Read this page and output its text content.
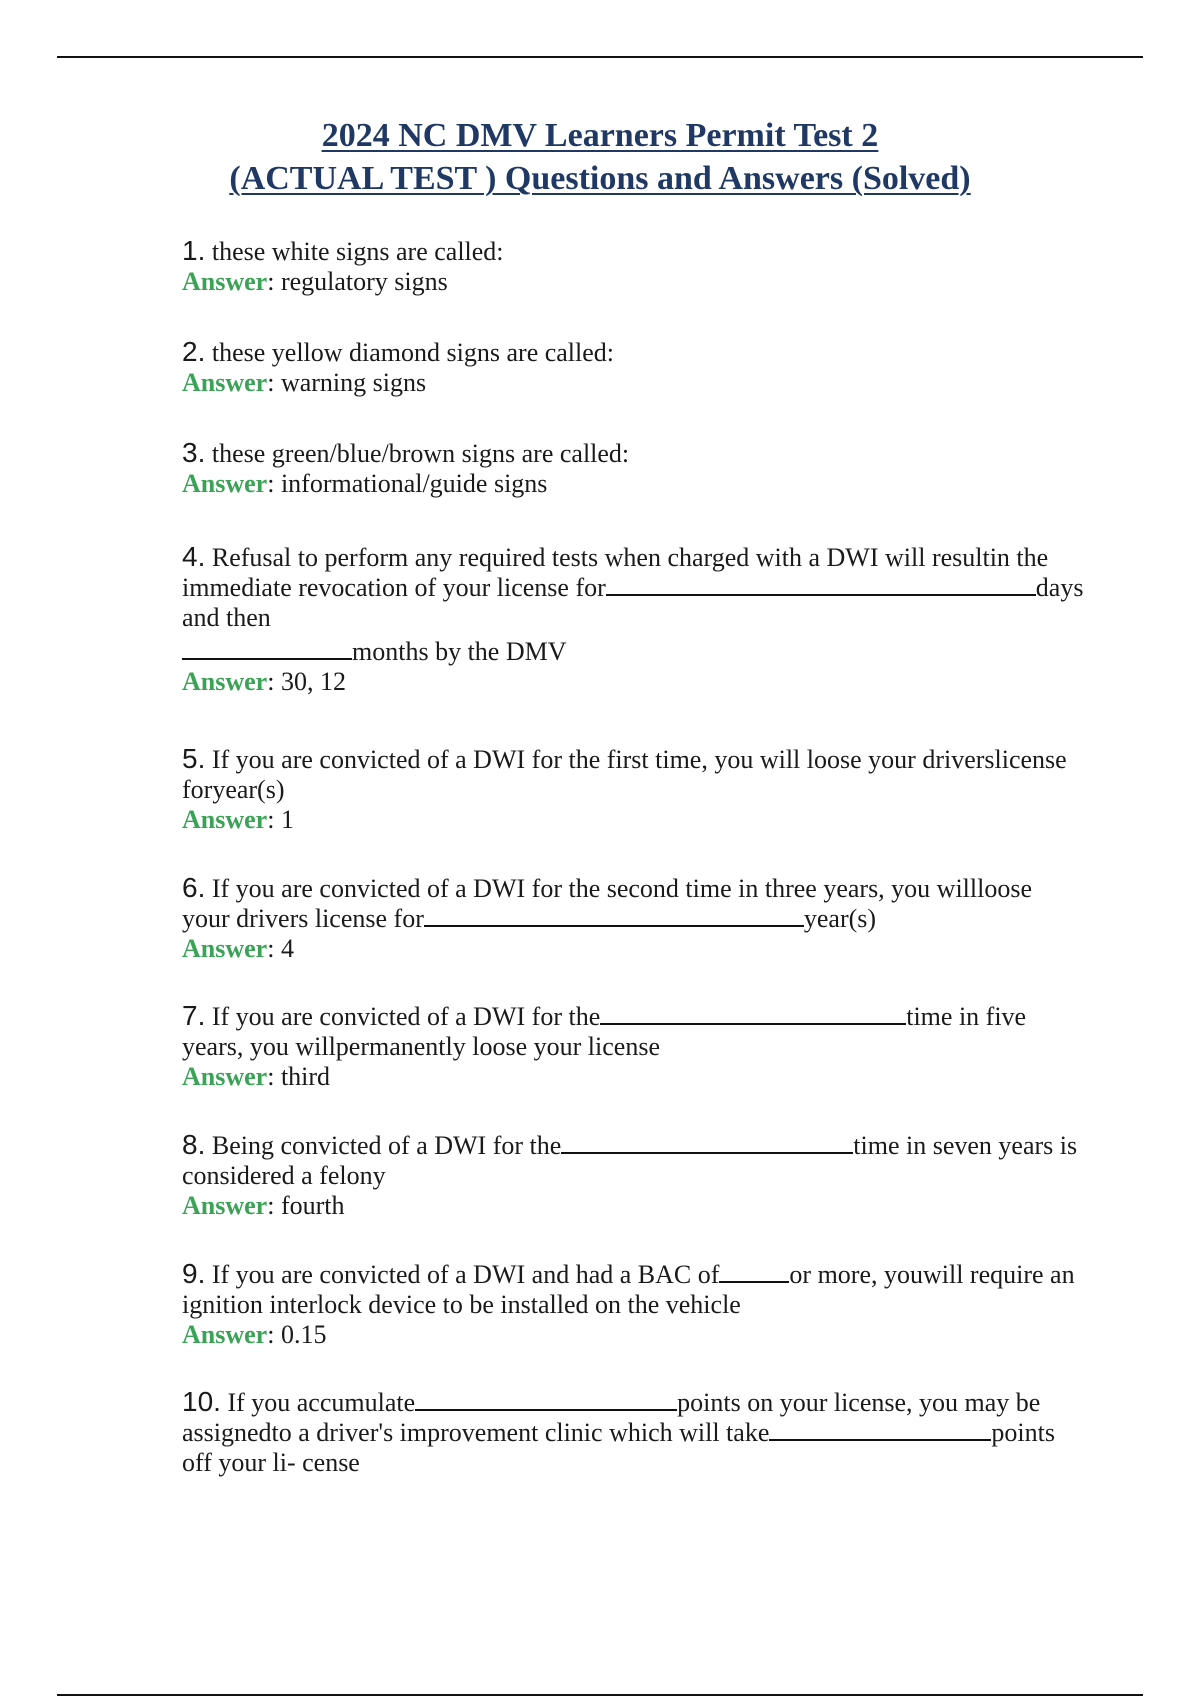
2024 NC DMV Learners Permit Test 2
(ACTUAL TEST ) Questions and Answers (Solved)
1. these white signs are called:
Answer: regulatory signs
2. these yellow diamond signs are called:
Answer: warning signs
3. these green/blue/brown signs are called:
Answer: informational/guide signs
4. Refusal to perform any required tests when charged with a DWI will resultin the
immediate revocation of your license for	days
and then
months by the DMV
Answer: 30, 12
5. If you are convicted of a DWI for the first time, you will loose your driverslicense
foryear(s)
Answer: 1
6. If you are convicted of a DWI for the second time in three years, you willloose
your drivers license for	year(s)
Answer: 4
7. If you are convicted of a DWI for the	time in five
years, you willpermanently loose your license
Answer: third
8. Being convicted of a DWI for the	time in seven years is
considered a felony
Answer: fourth
9. If you are convicted of a DWI and had a BAC of	or more, youwill require an
ignition interlock device to be installed on the vehicle
Answer: 0.15
10. If you accumulate	points on your license, you may be
assignedto a driver's improvement clinic which will take	points
off your li- cense
